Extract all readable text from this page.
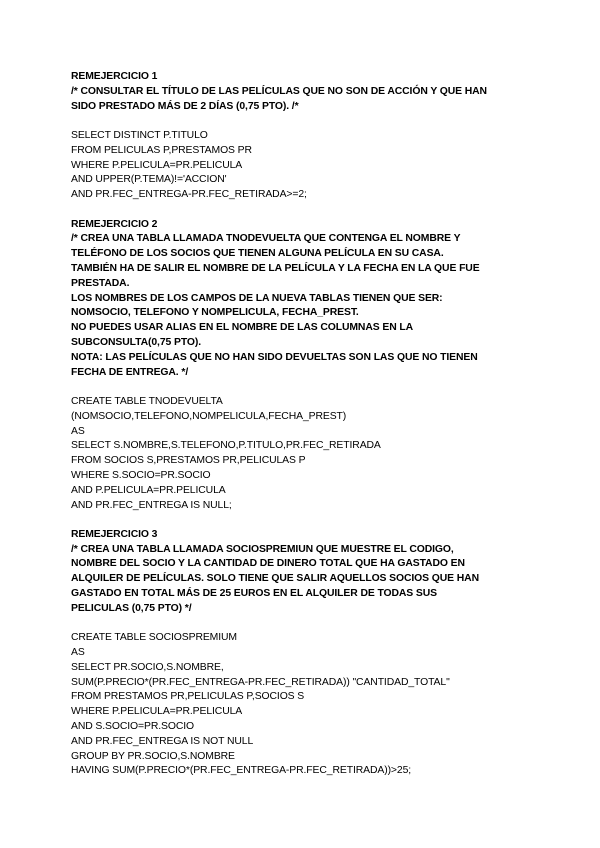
REMEJERCICIO 1
/* CONSULTAR EL TÍTULO DE LAS PELÍCULAS QUE NO SON DE ACCIÓN Y QUE HAN
SIDO PRESTADO MÁS DE 2 DÍAS (0,75 PTO). /*
SELECT DISTINCT P.TITULO
FROM PELICULAS P,PRESTAMOS PR
WHERE P.PELICULA=PR.PELICULA
AND UPPER(P.TEMA)!='ACCION'
AND PR.FEC_ENTREGA-PR.FEC_RETIRADA>=2;
REMEJERCICIO 2
/* CREA UNA TABLA LLAMADA TNODEVUELTA QUE CONTENGA EL NOMBRE Y
TELÉFONO DE LOS SOCIOS QUE TIENEN ALGUNA PELÍCULA EN SU CASA.
TAMBIÉN HA DE SALIR EL NOMBRE DE LA PELÍCULA Y LA FECHA EN LA QUE FUE
PRESTADA.
LOS NOMBRES DE LOS CAMPOS DE LA NUEVA TABLAS TIENEN QUE SER:
NOMSOCIO, TELEFONO Y NOMPELICULA, FECHA_PREST.
NO PUEDES USAR ALIAS EN EL NOMBRE DE LAS COLUMNAS EN LA
SUBCONSULTA(0,75 PTO).
NOTA: LAS PELÍCULAS QUE NO HAN SIDO DEVUELTAS SON LAS QUE NO TIENEN
FECHA DE ENTREGA. */
CREATE TABLE TNODEVUELTA
(NOMSOCIO,TELEFONO,NOMPELICULA,FECHA_PREST)
AS
SELECT S.NOMBRE,S.TELEFONO,P.TITULO,PR.FEC_RETIRADA
FROM SOCIOS S,PRESTAMOS PR,PELICULAS P
WHERE S.SOCIO=PR.SOCIO
AND P.PELICULA=PR.PELICULA
AND PR.FEC_ENTREGA IS NULL;
REMEJERCICIO 3
/* CREA UNA TABLA LLAMADA SOCIOSPREMIUN QUE MUESTRE EL CODIGO,
NOMBRE DEL SOCIO Y LA CANTIDAD DE DINERO TOTAL QUE HA GASTADO EN
ALQUILER DE PELÍCULAS. SOLO TIENE QUE SALIR AQUELLOS SOCIOS QUE HAN
GASTADO EN TOTAL MÁS DE 25 EUROS EN EL ALQUILER DE TODAS SUS
PELICULAS (0,75 PTO) */
CREATE TABLE SOCIOSPREMIUM
AS
SELECT PR.SOCIO,S.NOMBRE,
SUM(P.PRECIO*(PR.FEC_ENTREGA-PR.FEC_RETIRADA)) "CANTIDAD_TOTAL"
FROM PRESTAMOS PR,PELICULAS P,SOCIOS S
WHERE P.PELICULA=PR.PELICULA
AND S.SOCIO=PR.SOCIO
AND PR.FEC_ENTREGA IS NOT NULL
GROUP BY PR.SOCIO,S.NOMBRE
HAVING SUM(P.PRECIO*(PR.FEC_ENTREGA-PR.FEC_RETIRADA))>25;
